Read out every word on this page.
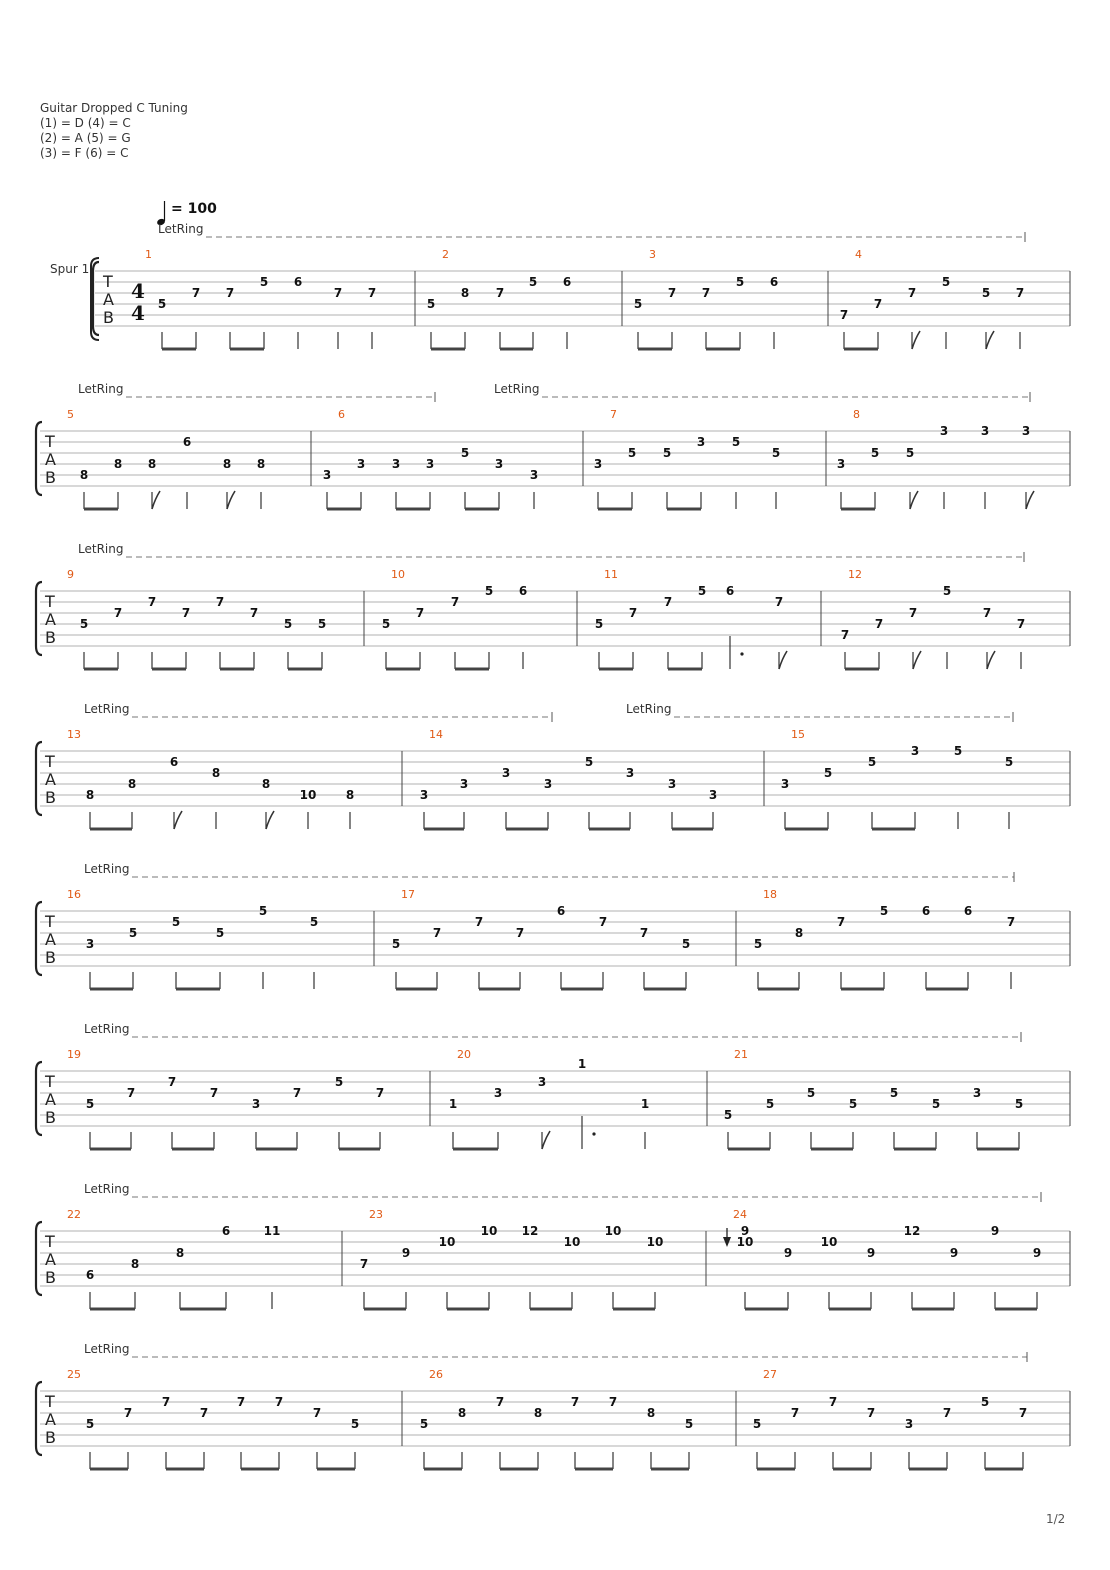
Guitar Dropped C Tuning
(1) = D (4) = C
(2) = A (5) = G
(3) = F (6) = C
= 100
Spur 1
1/2
LetRing
T
A
B
4
4
1
5
7 7
5 6
7 7
2
5
8 7
5 6
3
5
7 7
5 6
4
7
7
7
5
5 7
LetRing	LetRing
T
A
B
5
8
8 8
6
8 8
6
3
3 3 3
5
3
3
7
3
5 5
3 5
5
8
3
5 5
3	3	3
LetRing
T
A
B
9
5
7
7
7
7
7
5 5
10
5
7
7
5 6
11
5
7
7
5 6
7
12
7
7
7
5
7
7
LetRing	LetRing
T
A
B
13
8
8
6
8
8
10 8
14
3
3
3
3
5
3
3
3
15
3
5
5
3	5
5
LetRing
T
A
B
16
3
5
5
5
5
5
17
5
7
7
7
6
7
7
5
18
5
8
7
5	6	6
7
LetRing
T
A
B
19
5
7
7
7
3
7
5
7
20
1
3
3
1
1
21
5
5
5
5
5
5
3
5
LetRing
T
A
B
22
6
8
8
6	11
23
7
9
10
10 12
10
10
10
24
9
9
10
9
12
9
9
9
10
LetRing
T
A
B
25
5
7
7
7
7 7
7
5
26
5
8
7
8
7 7
8
5
27
5
7
7
7
3
7
5
7
